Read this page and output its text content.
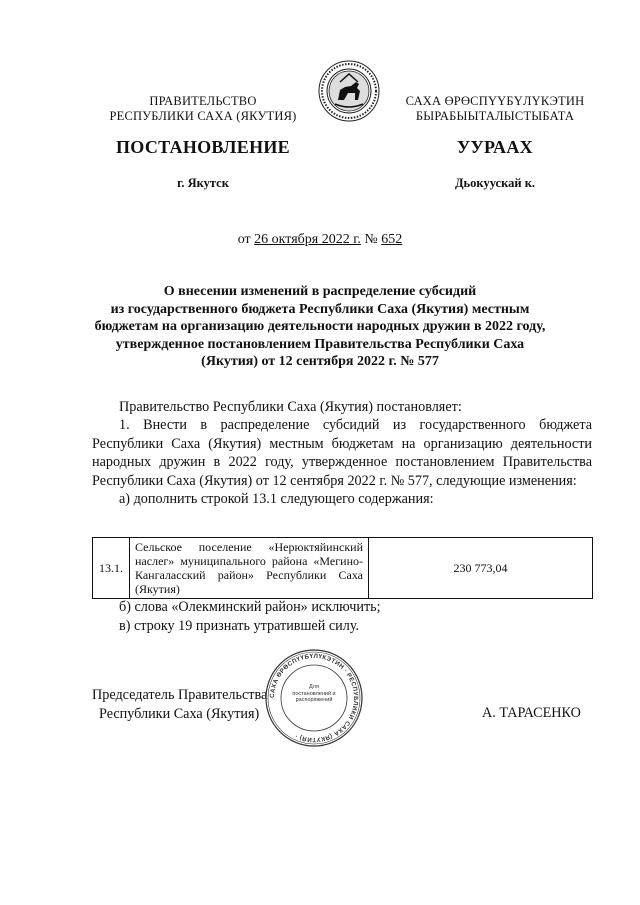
ПРАВИТЕЛЬСТВО
РЕСПУБЛИКИ САХА (ЯКУТИЯ)
САХА ӨРӨСПҮҮБҮЛҮКЭТИН
БЫРАБЫЫТАЛЫСТЫБАТА
ПОСТАНОВЛЕНИЕ	УУРААХ
г. Якутск	Дьокуускай к.
от 26 октября 2022 г. № 652
О внесении изменений в распределение субсидий
из государственного бюджета Республики Саха (Якутия) местным
бюджетам на организацию деятельности народных дружин в 2022 году,
утвержденное постановлением Правительства Республики Саха
(Якутия) от 12 сентября 2022 г. № 577

Правительство Республики Саха (Якутия) постановляет:

1. Внести в распределение субсидий из государственного бюджета Республики Саха (Якутия) местным бюджетам на организацию деятельности народных дружин в 2022 году, утвержденное постановлением Правительства Республики Саха (Якутия) от 12 сентября 2022 г. № 577, следующие изменения:

а) дополнить строкой 13.1 следующего содержания:

13.1.	Сельское поселение «Нерюктяйинский наслег» муниципального района «Мегино-Кангаласский район» Республики Саха (Якутия)	230 773,04

б) слова «Олекминский район» исключить;

в) строку 19 признать утратившей силу.

Председатель Правительства
Республики Саха (Якутия)	А. ТАРАСЕНКО
САХА ӨРӨСПҮҮБҮЛҮКЭТИН · РЕСПУБЛИКИ САХА (ЯКУТИЯ) ·
Для постановлений и распоряжений
